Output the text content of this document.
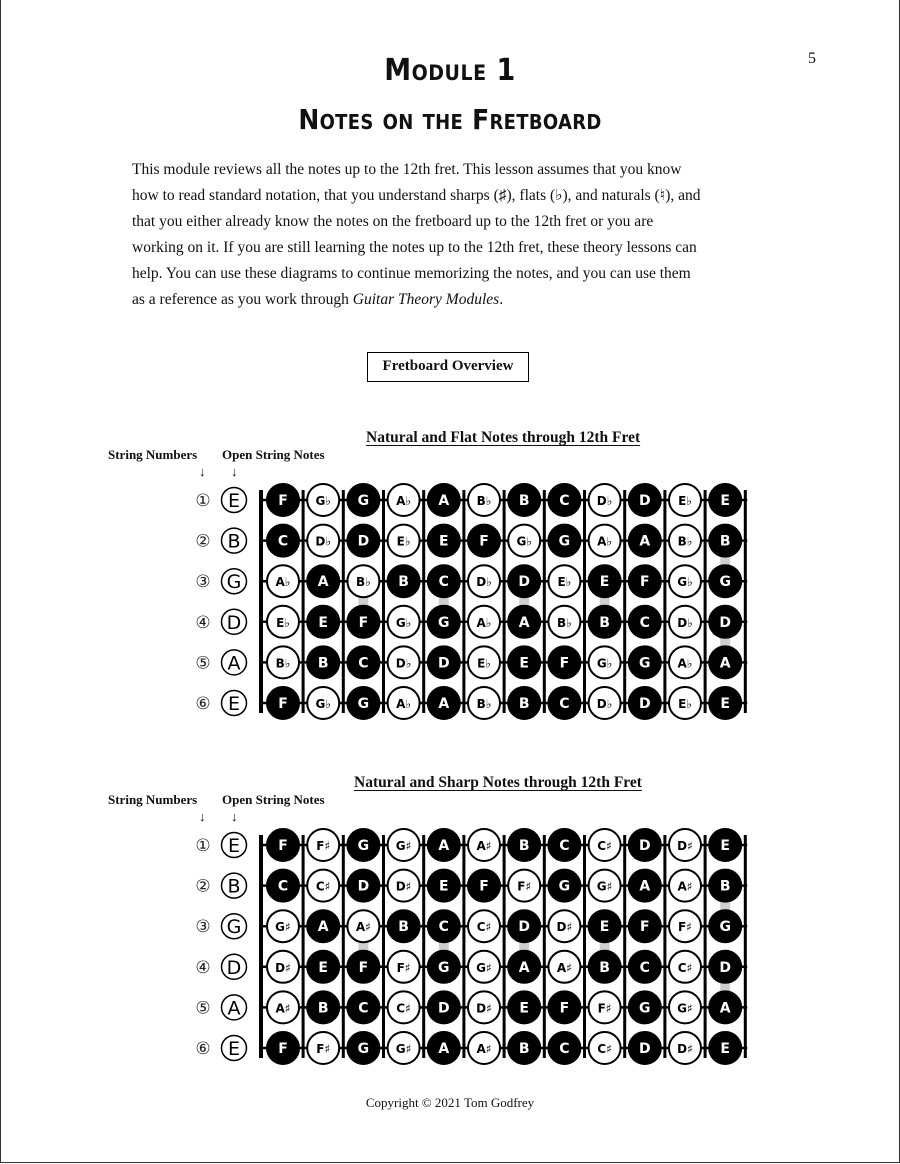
5
Module 1
Notes on the Fretboard
This module reviews all the notes up to the 12th fret. This lesson assumes that you know
how to read standard notation, that you understand sharps (♯), flats (♭), and naturals (♮), and
that you either already know the notes on the fretboard up to the 12th fret or you are
working on it. If you are still learning the notes up to the 12th fret, these theory lessons can
help. You can use these diagrams to continue memorizing the notes, and you can use them
as a reference as you work through Guitar Theory Modules.
Fretboard Overview
Natural and Flat Notes through 12th Fret
String Numbers Open String Notes
↓ ↓
① E
② B
③ G
④ D
⑤ A
⑥ E
F G♭ G A♭ A B♭ B C D♭ D E♭ E
C D♭ D E♭ E F G♭ G A♭ A B♭ B
A♭ A B♭ B C D♭ D E♭ E F G♭ G
E♭ E F G♭ G A♭ A B♭ B C D♭ D
B♭ B C D♭ D E♭ E F G♭ G A♭ A
F G♭ G A♭ A B♭ B C D♭ D E♭ E
Natural and Sharp Notes through 12th Fret
String Numbers Open String Notes
↓ ↓
① E
② B
③ G
④ D
⑤ A
⑥ E
F F♯ G G♯ A A♯ B C C♯ D D♯ E
C C♯ D D♯ E F F♯ G G♯ A A♯ B
G♯ A A♯ B C C♯ D D♯ E F F♯ G
D♯ E F F♯ G G♯ A A♯ B C C♯ D
A♯ B C C♯ D D♯ E F F♯ G G♯ A
F F♯ G G♯ A A♯ B C C♯ D D♯ E
Copyright © 2021 Tom Godfrey
